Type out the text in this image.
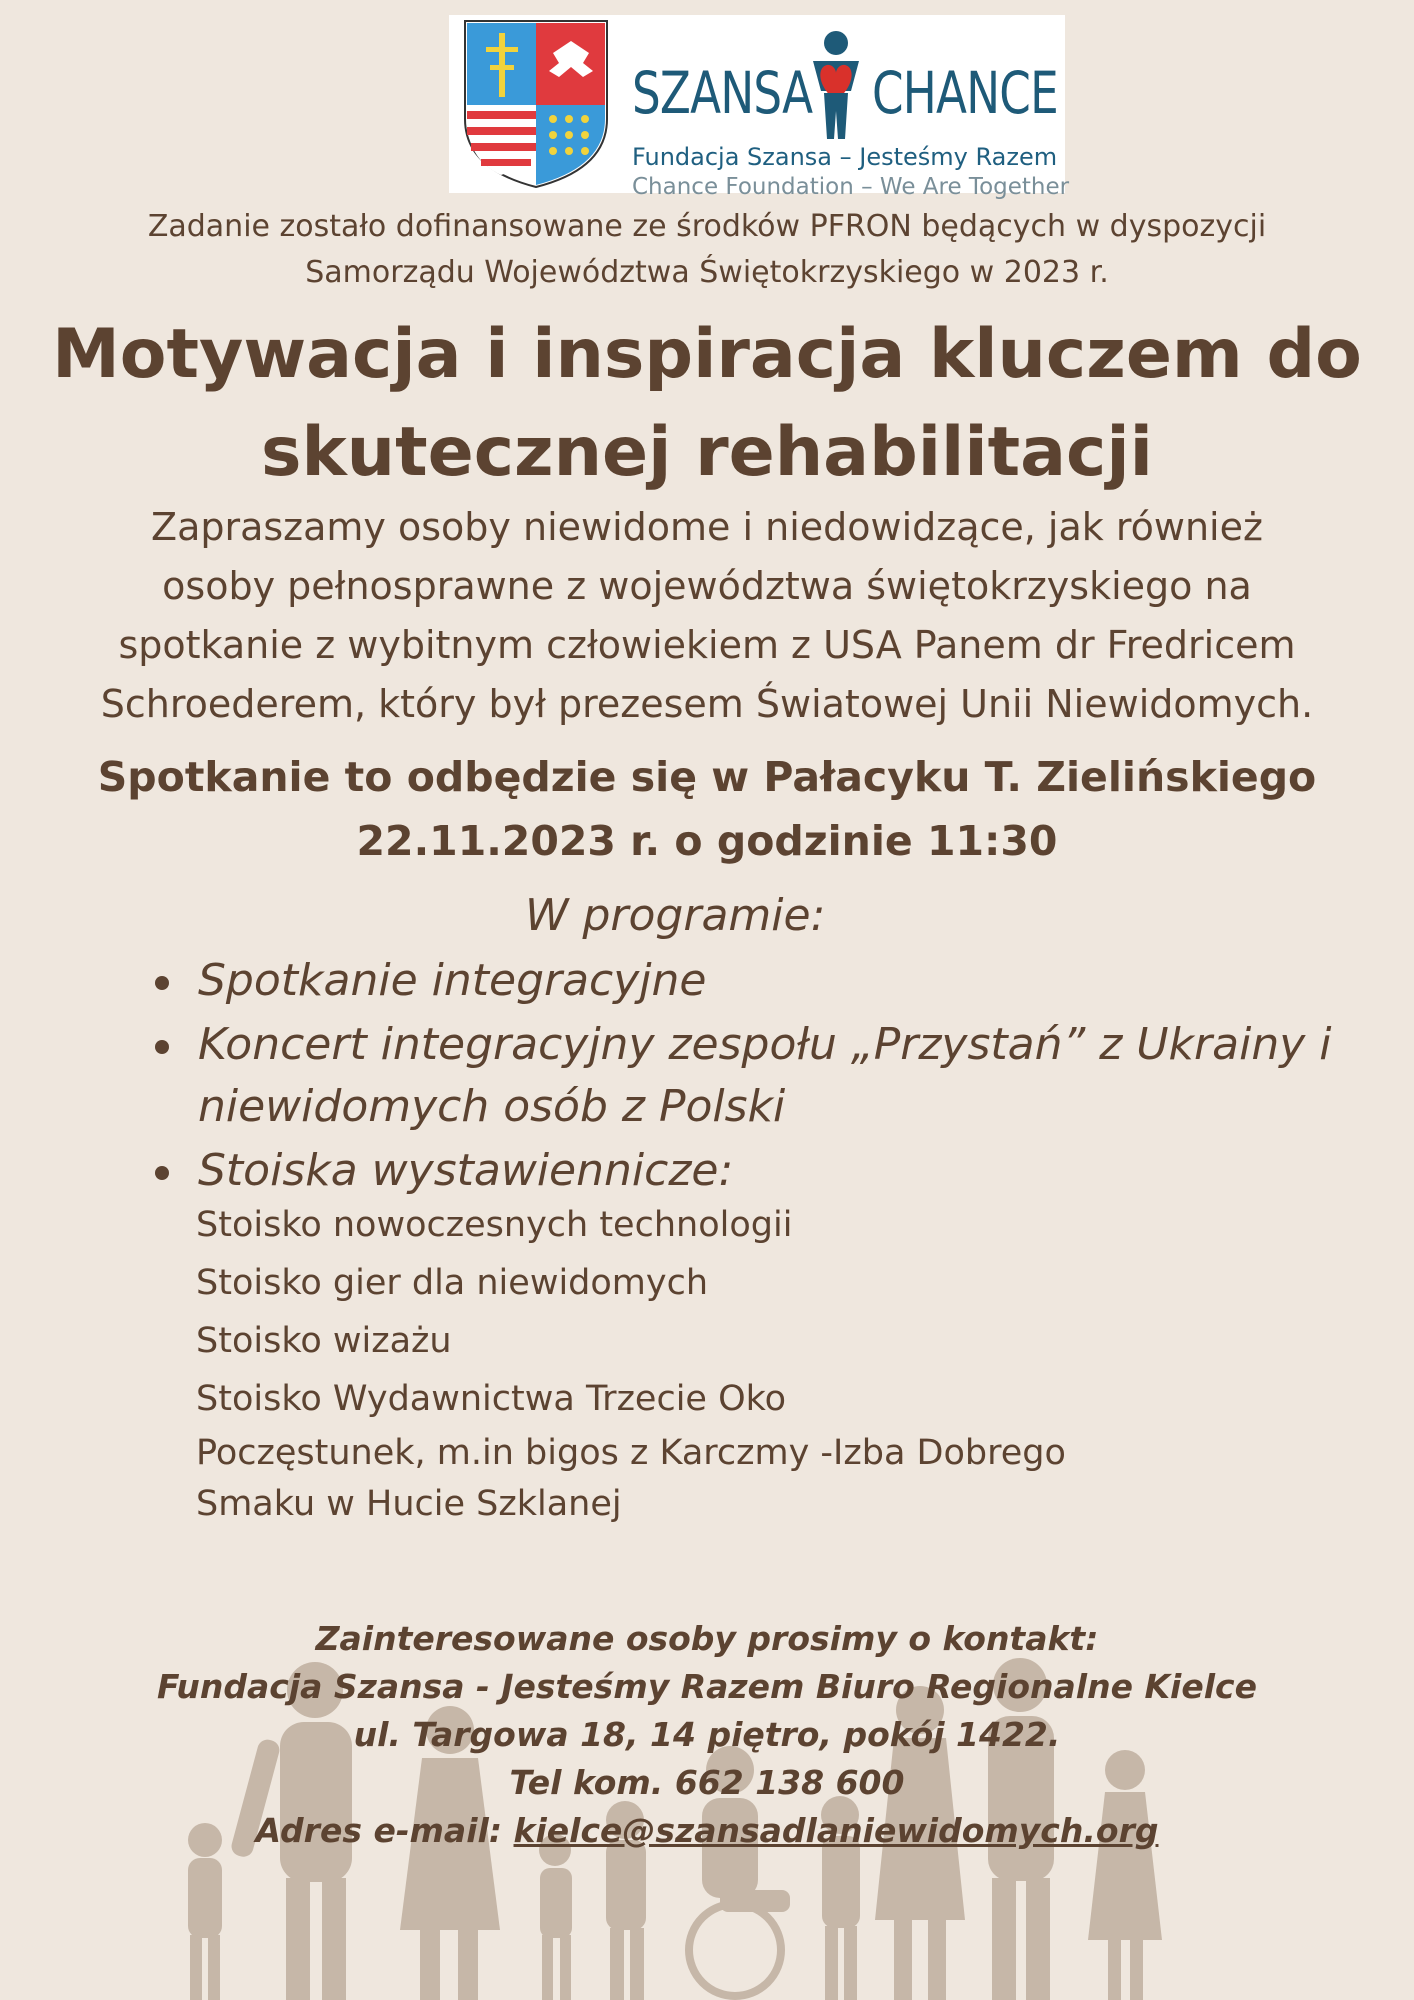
SZANSA CHANCE
Fundacja Szansa – Jesteśmy Razem
Chance Foundation – We Are Together
Zadanie zostało dofinansowane ze środków PFRON będących w dyspozycji
Samorządu Województwa Świętokrzyskiego w 2023 r.
Motywacja i inspiracja kluczem do
skutecznej rehabilitacji
Zapraszamy osoby niewidome i niedowidzące, jak również
osoby pełnosprawne z województwa świętokrzyskiego na
spotkanie z wybitnym człowiekiem z USA Panem dr Fredricem
Schroederem, który był prezesem Światowej Unii Niewidomych.
Spotkanie to odbędzie się w Pałacyku T. Zielińskiego
22.11.2023 r. o godzinie 11:30
W programie:
Spotkanie integracyjne
Koncert integracyjny zespołu „Przystań” z Ukrainy i
niewidomych osób z Polski
Stoiska wystawiennicze:
Stoisko nowoczesnych technologii
Stoisko gier dla niewidomych
Stoisko wizażu
Stoisko Wydawnictwa Trzecie Oko
Poczęstunek, m.in bigos z Karczmy -Izba Dobrego
Smaku w Hucie Szklanej
Zainteresowane osoby prosimy o kontakt:
Fundacja Szansa - Jesteśmy Razem Biuro Regionalne Kielce
ul. Targowa 18, 14 piętro, pokój 1422.
Tel kom. 662 138 600
Adres e-mail: kielce@szansadlaniewidomych.org
